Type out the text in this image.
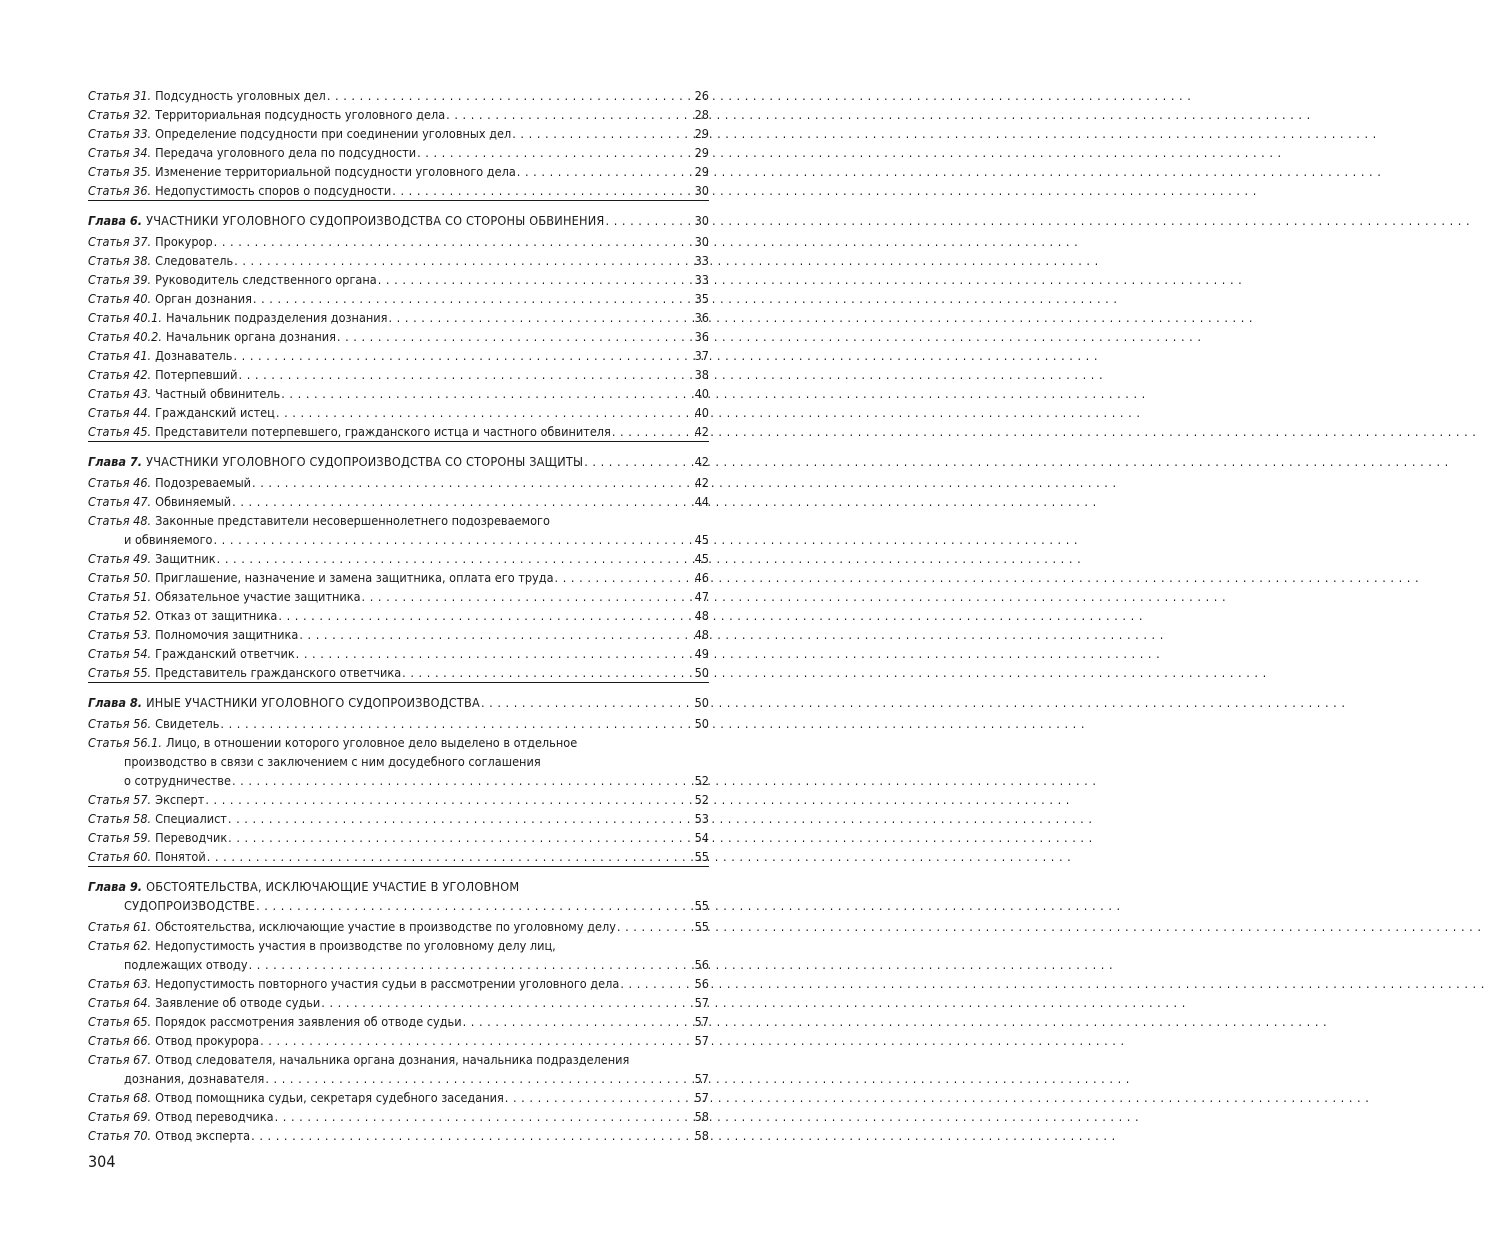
Статья 31. Подсудность уголовных дел . . .	26
Статья 32. Территориальная подсудность уголовного дела . . .	28
Статья 33. Определение подсудности при соединении уголовных дел . . .	29
Статья 34. Передача уголовного дела по подсудности . . .	29
Статья 35. Изменение территориальной подсудности уголовного дела . . .	29
Статья 36. Недопустимость споров о подсудности . . .	30
Глава 6. УЧАСТНИКИ УГОЛОВНОГО СУДОПРОИЗВОДСТВА СО СТОРОНЫ ОБВИНЕНИЯ . . .	30
Статья 37. Прокурор . . .	30
Статья 38. Следователь . . .	33
Статья 39. Руководитель следственного органа . . .	33
Статья 40. Орган дознания . . .	35
Статья 40.1. Начальник подразделения дознания . . .	36
Статья 40.2. Начальник органа дознания . . .	36
Статья 41. Дознаватель . . .	37
Статья 42. Потерпевший . . .	38
Статья 43. Частный обвинитель . . .	40
Статья 44. Гражданский истец . . .	40
Статья 45. Представители потерпевшего, гражданского истца и частного обвинителя . . .	42
Глава 7. УЧАСТНИКИ УГОЛОВНОГО СУДОПРОИЗВОДСТВА СО СТОРОНЫ ЗАЩИТЫ . . .	42
Статья 46. Подозреваемый . . .	42
Статья 47. Обвиняемый . . .	44
Статья 48. Законные представители несовершеннолетнего подозреваемого
и обвиняемого . . .	45
Статья 49. Защитник . . .	45
Статья 50. Приглашение, назначение и замена защитника, оплата его труда . . .	46
Статья 51. Обязательное участие защитника . . .	47
Статья 52. Отказ от защитника . . .	48
Статья 53. Полномочия защитника . . .	48
Статья 54. Гражданский ответчик . . .	49
Статья 55. Представитель гражданского ответчика . . .	50
Глава 8. ИНЫЕ УЧАСТНИКИ УГОЛОВНОГО СУДОПРОИЗВОДСТВА . . .	50
Статья 56. Свидетель . . .	50
Статья 56.1. Лицо, в отношении которого уголовное дело выделено в отдельное
производство в связи с заключением с ним досудебного соглашения
о сотрудничестве . . .	52
Статья 57. Эксперт . . .	52
Статья 58. Специалист . . .	53
Статья 59. Переводчик . . .	54
Статья 60. Понятой . . .	55
Глава 9. ОБСТОЯТЕЛЬСТВА, ИСКЛЮЧАЮЩИЕ УЧАСТИЕ В УГОЛОВНОМ
СУДОПРОИЗВОДСТВЕ . . .	55
Статья 61. Обстоятельства, исключающие участие в производстве по уголовному делу . . .	55
Статья 62. Недопустимость участия в производстве по уголовному делу лиц,
подлежащих отводу . . .	56
Статья 63. Недопустимость повторного участия судьи в рассмотрении уголовного дела . . .	56
Статья 64. Заявление об отводе судьи . . .	57
Статья 65. Порядок рассмотрения заявления об отводе судьи . . .	57
Статья 66. Отвод прокурора . . .	57
Статья 67. Отвод следователя, начальника органа дознания, начальника подразделения
дознания, дознавателя . . .	57
Статья 68. Отвод помощника судьи, секретаря судебного заседания . . .	57
Статья 69. Отвод переводчика . . .	58
Статья 70. Отвод эксперта . . .	58
304
